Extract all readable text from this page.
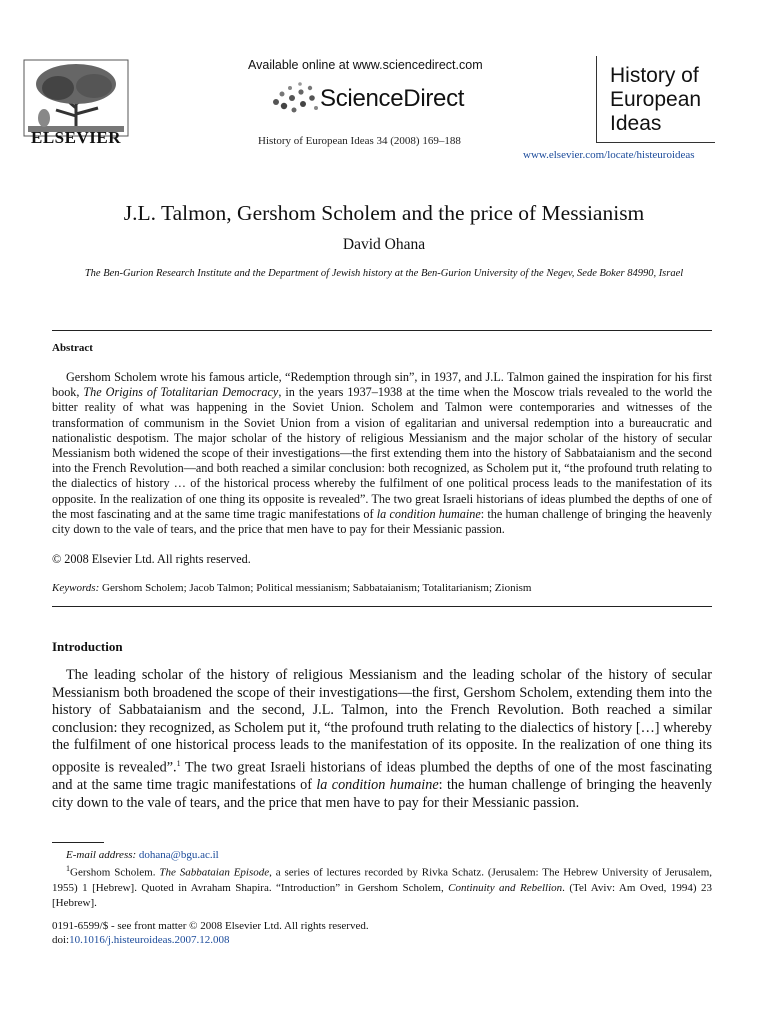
ELSEVIER
Available online at www.sciencedirect.com
ScienceDirect
History of European Ideas 34 (2008) 169–188
History of
European
Ideas
www.elsevier.com/locate/histeuroideas
J.L. Talmon, Gershom Scholem and the price of Messianism
David Ohana
The Ben-Gurion Research Institute and the Department of Jewish history at the Ben-Gurion University of the Negev, Sede Boker 84990, Israel
Abstract
Gershom Scholem wrote his famous article, “Redemption through sin”, in 1937, and J.L. Talmon gained the inspiration for his first book, The Origins of Totalitarian Democracy, in the years 1937–1938 at the time when the Moscow trials revealed to the world the bitter reality of what was happening in the Soviet Union. Scholem and Talmon were contemporaries and witnesses of the transformation of communism in the Soviet Union from a vision of egalitarian and universal redemption into a bureaucratic and nationalistic despotism. The major scholar of the history of religious Messianism and the major scholar of the history of secular Messianism both widened the scope of their investigations—the first extending them into the history of Sabbataianism and the second into the French Revolution—and both reached a similar conclusion: both recognized, as Scholem put it, “the profound truth relating to the dialectics of history … of the historical process whereby the fulfilment of one political process leads to the manifestation of its opposite. In the realization of one thing its opposite is revealed”. The two great Israeli historians of ideas plumbed the depths of one of the most fascinating and at the same time tragic manifestations of la condition humaine: the human challenge of bringing the heavenly city down to the vale of tears, and the price that men have to pay for their Messianic passion.
© 2008 Elsevier Ltd. All rights reserved.
Keywords: Gershom Scholem; Jacob Talmon; Political messianism; Sabbataianism; Totalitarianism; Zionism
Introduction
The leading scholar of the history of religious Messianism and the leading scholar of the history of secular Messianism both broadened the scope of their investigations—the first, Gershom Scholem, extending them into the history of Sabbataianism and the second, J.L. Talmon, into the French Revolution. Both reached a similar conclusion: they recognized, as Scholem put it, “the profound truth relating to the dialectics of history […] whereby the fulfilment of one historical process leads to the manifestation of its opposite. In the realization of one thing its opposite is revealed”.$^1$ The two great Israeli historians of ideas plumbed the depths of one of the most fascinating and at the same time tragic manifestations of la condition humaine: the human challenge of bringing the heavenly city down to the vale of tears, and the price that men have to pay for their Messianic passion.
E-mail address: dohana@bgu.ac.il
$^1$Gershom Scholem. The Sabbataian Episode, a series of lectures recorded by Rivka Schatz. (Jerusalem: The Hebrew University of Jerusalem, 1955) 1 [Hebrew]. Quoted in Avraham Shapira. “Introduction” in Gershom Scholem, Continuity and Rebellion. (Tel Aviv: Am Oved, 1994) 23 [Hebrew].
0191-6599/$ - see front matter © 2008 Elsevier Ltd. All rights reserved.
doi:10.1016/j.histeuroideas.2007.12.008
